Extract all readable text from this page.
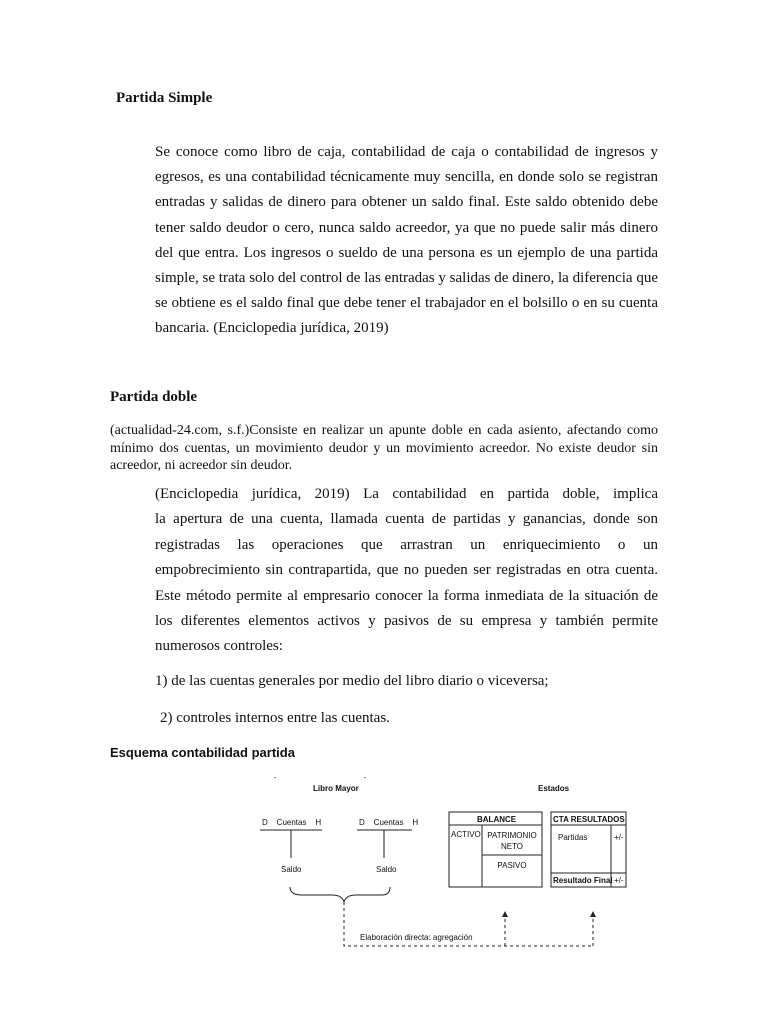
Partida Simple
Se conoce como libro de caja, contabilidad de caja o contabilidad de ingresos y egresos, es una contabilidad técnicamente muy sencilla, en donde solo se registran entradas y salidas de dinero para obtener un saldo final. Este saldo obtenido debe tener saldo deudor o cero, nunca saldo acreedor, ya que no puede salir más dinero del que entra. Los ingresos o sueldo de una persona es un ejemplo de una partida simple, se trata solo del control de las entradas y salidas de dinero, la diferencia que se obtiene es el saldo final que debe tener el trabajador en el bolsillo o en su cuenta bancaria. (Enciclopedia jurídica, 2019)
Partida doble
(actualidad-24.com, s.f.)Consiste en realizar un apunte doble en cada asiento, afectando como mínimo dos cuentas, un movimiento deudor y un movimiento acreedor. No existe deudor sin acreedor, ni acreedor sin deudor.
(Enciclopedia jurídica, 2019) La contabilidad en partida doble, implica
la apertura de una cuenta, llamada cuenta de partidas y ganancias, donde son
registradas las operaciones que arrastran un enriquecimiento o un
empobrecimiento sin contrapartida, que no pueden ser registradas en otra cuenta.
Este método permite al empresario conocer la forma inmediata de la situación de
los diferentes elementos activos y pasivos de su empresa y también permite
numerosos controles:
1) de las cuentas generales por medio del libro diario o viceversa;
2) controles internos entre las cuentas.
Esquema contabilidad partida
Libro Mayor	Estados
D    Cuentas    H	D    Cuentas    H
Saldo	Saldo
BALANCE
ACTIVO PATRIMONIO NETO
PASIVO
CTA RESULTADOS
Partidas	+/-
Resultado Final +/-
Elaboración directa: agregación
